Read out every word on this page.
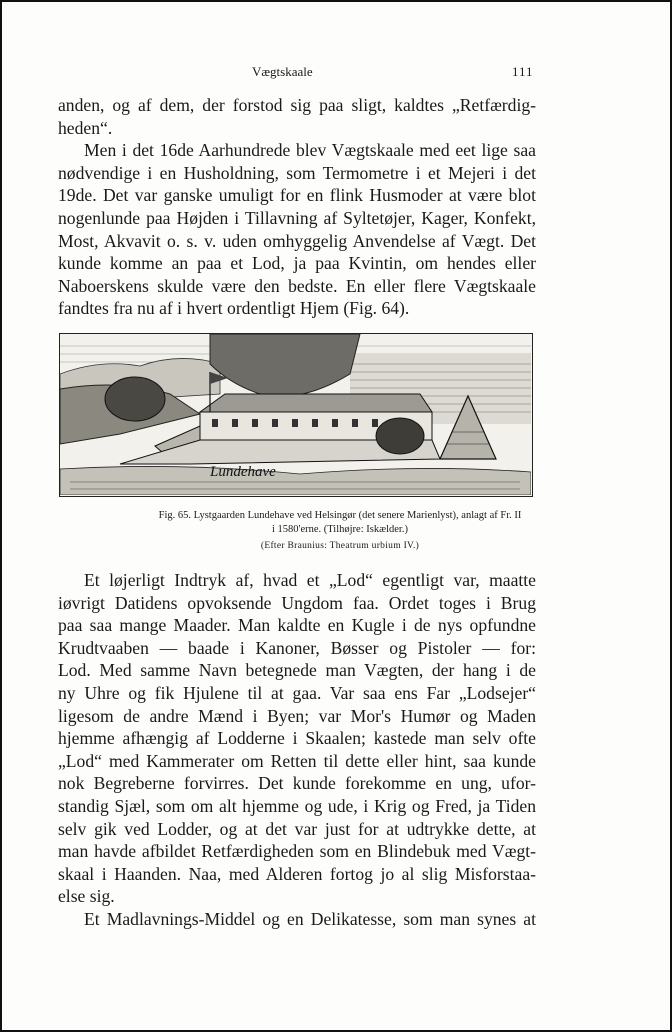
Vægtskaale	111
anden, og af dem, der forstod sig paa sligt, kaldtes „Retfærdig-
heden“.
Men i det 16de Aarhundrede blev Vægtskaale med eet lige saa
nødvendige i en Husholdning, som Termometre i et Mejeri i det
19de. Det var ganske umuligt for en flink Husmoder at være blot
nogenlunde paa Højden i Tillavning af Syltetøjer, Kager, Konfekt,
Most, Akvavit o. s. v. uden omhyggelig Anvendelse af Vægt. Det
kunde komme an paa et Lod, ja paa Kvintin, om hendes eller
Naboerskens skulde være den bedste. En eller flere Vægtskaale
fandtes fra nu af i hvert ordentligt Hjem (Fig. 64).
Lundehave
Fig. 65. Lystgaarden Lundehave ved Helsingør (det senere Marienlyst), anlagt af Fr. II
i 1580'erne. (Tilhøjre: Iskælder.)
(Efter Braunius: Theatrum urbium IV.)
Et løjerligt Indtryk af, hvad et „Lod“ egentligt var, maatte
iøvrigt Datidens opvoksende Ungdom faa. Ordet toges i Brug
paa saa mange Maader. Man kaldte en Kugle i de nys opfundne
Krudtvaaben — baade i Kanoner, Bøsser og Pistoler — for:
Lod. Med samme Navn betegnede man Vægten, der hang i de
ny Uhre og fik Hjulene til at gaa. Var saa ens Far „Lodsejer“
ligesom de andre Mænd i Byen; var Mor's Humør og Maden
hjemme afhængig af Lodderne i Skaalen; kastede man selv ofte
„Lod“ med Kammerater om Retten til dette eller hint, saa kunde
nok Begreberne forvirres. Det kunde forekomme en ung, ufor-
standig Sjæl, som om alt hjemme og ude, i Krig og Fred, ja Tiden
selv gik ved Lodder, og at det var just for at udtrykke dette, at
man havde afbildet Retfærdigheden som en Blindebuk med Vægt-
skaal i Haanden. Naa, med Alderen fortog jo al slig Misforstaa-
else sig.
Et Madlavnings-Middel og en Delikatesse, som man synes at
